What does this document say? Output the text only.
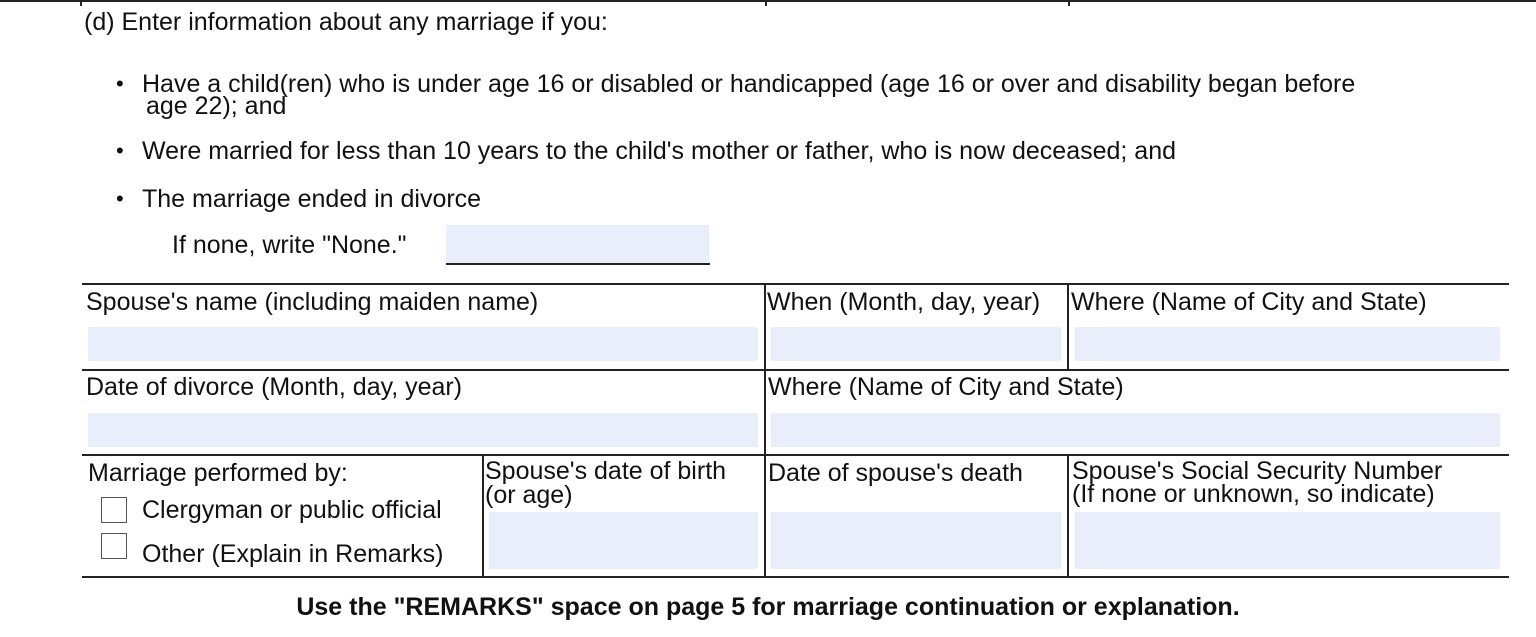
(d) Enter information about any marriage if you:
• Have a child(ren) who is under age 16 or disabled or handicapped (age 16 or over and disability began before
age 22); and
• Were married for less than 10 years to the child's mother or father, who is now deceased; and
• The marriage ended in divorce
If none, write "None."
Spouse's name (including maiden name)	When (Month, day, year) Where (Name of City and State)
Date of divorce (Month, day, year)	Where (Name of City and State)
Marriage performed by:
Clergyman or public official
Other (Explain in Remarks)
Spouse's date of birth
(or age)
Date of spouse's death Spouse's Social Security Number
(If none or unknown, so indicate)
Use the "REMARKS" space on page 5 for marriage continuation or explanation.
